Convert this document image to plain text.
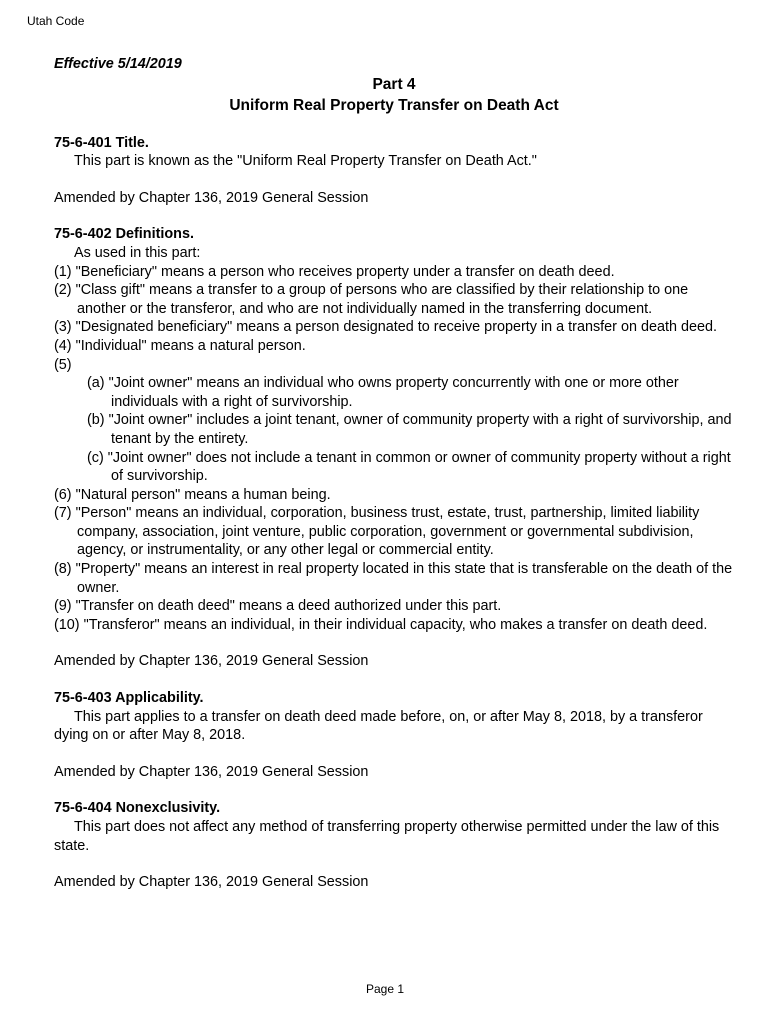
Utah Code

Effective 5/14/2019

Part 4

Uniform Real Property Transfer on Death Act

75-6-401 Title.

This part is known as the "Uniform Real Property Transfer on Death Act."

Amended by Chapter 136, 2019 General Session

75-6-402 Definitions.

As used in this part:

(1) "Beneficiary" means a person who receives property under a transfer on death deed.
(2) "Class gift" means a transfer to a group of persons who are classified by their relationship to one another or the transferor, and who are not individually named in the transferring document.
(3) "Designated beneficiary" means a person designated to receive property in a transfer on death deed.
(4) "Individual" means a natural person.
(5)
(a) "Joint owner" means an individual who owns property concurrently with one or more other individuals with a right of survivorship.
(b) "Joint owner" includes a joint tenant, owner of community property with a right of survivorship, and tenant by the entirety.
(c) "Joint owner" does not include a tenant in common or owner of community property without a right of survivorship.
(6) "Natural person" means a human being.
(7) "Person" means an individual, corporation, business trust, estate, trust, partnership, limited liability company, association, joint venture, public corporation, government or governmental subdivision, agency, or instrumentality, or any other legal or commercial entity.
(8) "Property" means an interest in real property located in this state that is transferable on the death of the owner.
(9) "Transfer on death deed" means a deed authorized under this part.
(10) "Transferor" means an individual, in their individual capacity, who makes a transfer on death deed.

Amended by Chapter 136, 2019 General Session

75-6-403 Applicability.

This part applies to a transfer on death deed made before, on, or after May 8, 2018, by a transferor dying on or after May 8, 2018.

Amended by Chapter 136, 2019 General Session

75-6-404 Nonexclusivity.

This part does not affect any method of transferring property otherwise permitted under the law of this state.

Amended by Chapter 136, 2019 General Session

Page 1
